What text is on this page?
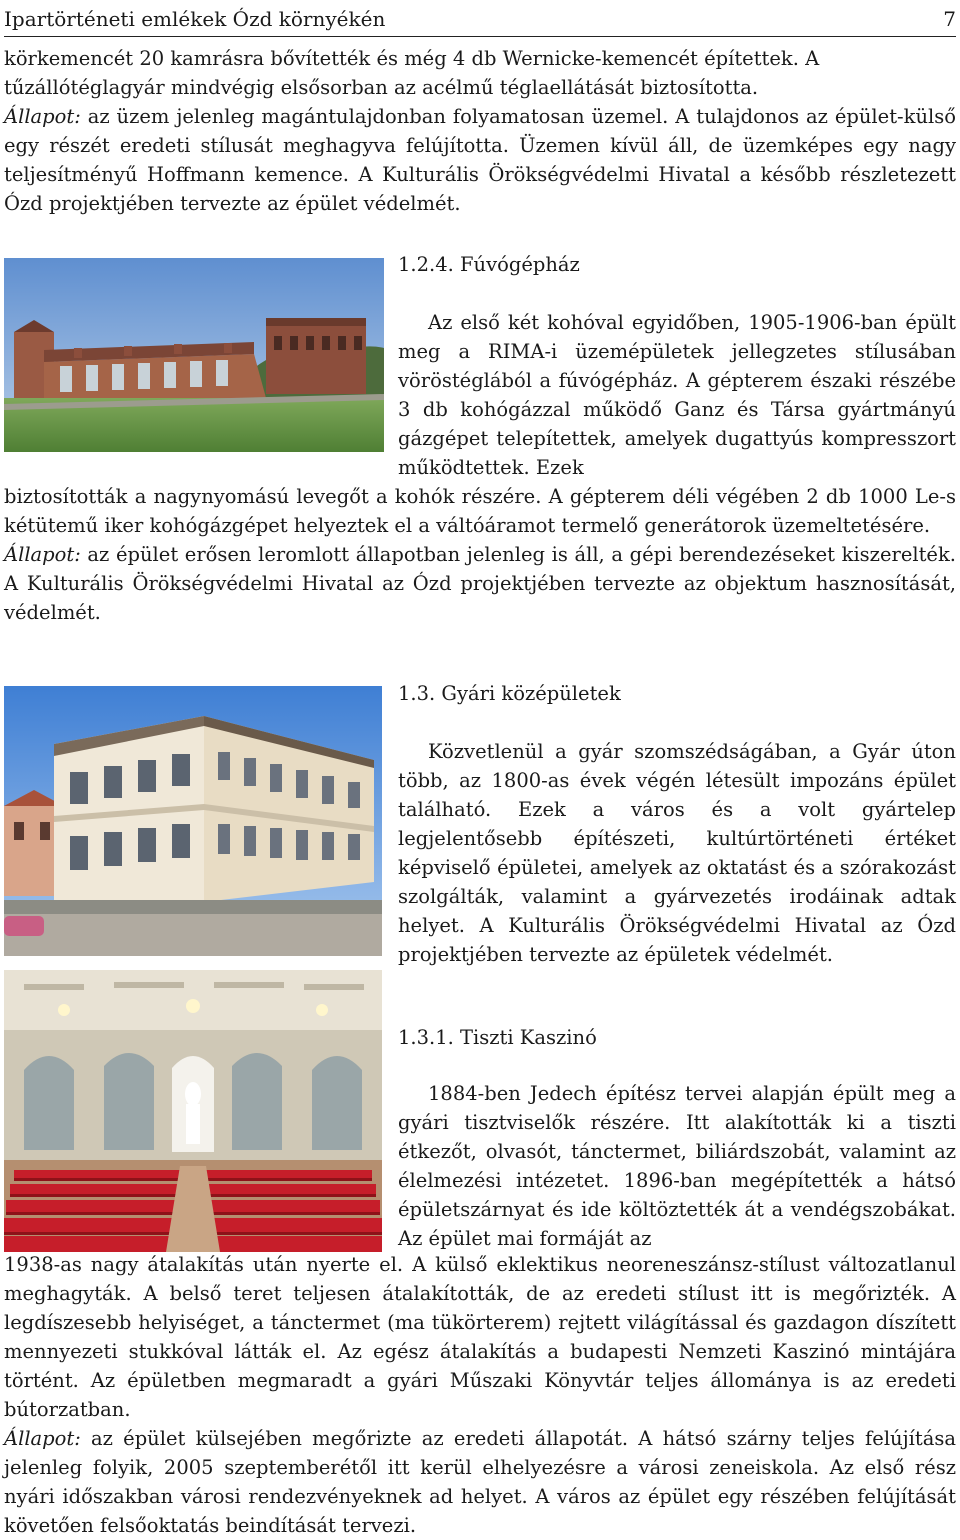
Ipartörténeti emlékek Ózd környékén	7

körkemencét 20 kamrásra bővítették és még 4 db Wernicke-kemencét építettek. A

tűzállótéglagyár mindvégig elsősorban az acélmű téglaellátását biztosította.

Állapot: az üzem jelenleg magántulajdonban folyamatosan üzemel. A tulajdonos az épület-külső egy részét eredeti stílusát meghagyva felújította. Üzemen kívül áll, de üzemképes egy nagy teljesítményű Hoffmann kemence. A Kulturális Örökségvédelmi Hivatal a később részletezett Ózd projektjében tervezte az épület védelmét.

1.2.4. Fúvógépház
Az első két kohóval egyidőben, 1905-1906-ban épült meg a RIMA-i üzemépületek jellegzetes stílusában vöröstéglából a fúvógépház. A gépterem északi részébe 3 db kohógázzal működő Ganz és Társa gyártmányú gázgépet telepítettek, amelyek dugattyús kompresszort működtettek. Ezek

biztosították a nagynyomású levegőt a kohók részére. A gépterem déli végében 2 db 1000 Le-s kétütemű iker kohógázgépet helyeztek el a váltóáramot termelő generátorok üzemeltetésére.

Állapot: az épület erősen leromlott állapotban jelenleg is áll, a gépi berendezéseket kiszerelték. A Kulturális Örökségvédelmi Hivatal az Ózd projektjében tervezte az objektum hasznosítását, védelmét.

1.3. Gyári középületek
Közvetlenül a gyár szomszédságában, a Gyár úton több, az 1800-as évek végén létesült impozáns épület található. Ezek a város és a volt gyártelep legjelentősebb építészeti, kultúrtörténeti értéket képviselő épületei, amelyek az oktatást és a szórakozást szolgálták, valamint a gyárvezetés irodáinak adtak helyet. A Kulturális Örökségvédelmi Hivatal az Ózd projektjében tervezte az épületek védelmét.
1.3.1. Tiszti Kaszinó
1884-ben Jedech építész tervei alapján épült meg a gyári tisztviselők részére. Itt alakították ki a tiszti étkezőt, olvasót, tánctermet, biliárdszobát, valamint az élelmezési intézetet. 1896-ban megépítették a hátsó épületszárnyat és ide költöztették át a vendégszobákat. Az épület mai formáját az

1938-as nagy átalakítás után nyerte el. A külső eklektikus neoreneszánsz-stílust változatlanul meghagyták. A belső teret teljesen átalakították, de az eredeti stílust itt is megőrizték. A legdíszesebb helyiséget, a tánctermet (ma tükörterem) rejtett világítással és gazdagon díszített mennyezeti stukkóval látták el. Az egész átalakítás a budapesti Nemzeti Kaszinó mintájára történt. Az épületben megmaradt a gyári Műszaki Könyvtár teljes állománya is az eredeti bútorzatban.

Állapot: az épület külsejében megőrizte az eredeti állapotát. A hátsó szárny teljes felújítása jelenleg folyik, 2005 szeptemberétől itt kerül elhelyezésre a városi zeneiskola. Az első rész nyári időszakban városi rendezvényeknek ad helyet. A város az épület egy részében felújítását követően felsőoktatás beindítását tervezi.
